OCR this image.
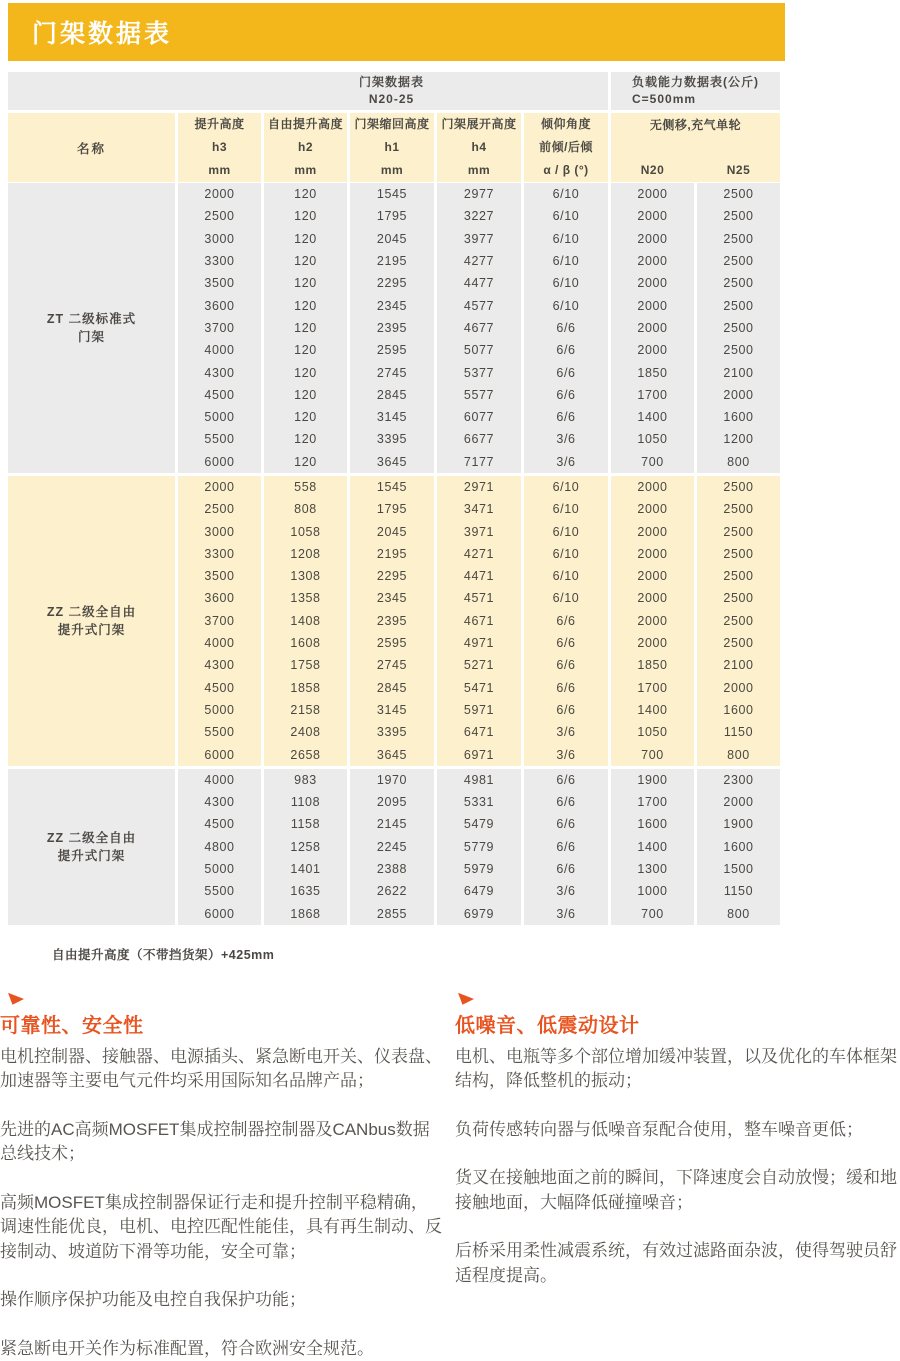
门架数据表
门架数据表
N20-25
负载能力数据表(公斤)
C=500mm
名称
提升高度
h3
mm
自由提升高度
h2
mm
门架缩回高度
h1
mm
门架展开高度
h4
mm
倾仰角度
前倾/后倾
α / β (°)
无侧移,充气单轮
N20	N25
ZT 二级标准式
门架
2000
2500
3000
3300
3500
3600
3700
4000
4300
4500
5000
5500
6000
120
120
120
120
120
120
120
120
120
120
120
120
120
1545
1795
2045
2195
2295
2345
2395
2595
2745
2845
3145
3395
3645
2977
3227
3977
4277
4477
4577
4677
5077
5377
5577
6077
6677
7177
6/10
6/10
6/10
6/10
6/10
6/10
6/6
6/6
6/6
6/6
6/6
3/6
3/6
2000
2000
2000
2000
2000
2000
2000
2000
1850
1700
1400
1050
700
2500
2500
2500
2500
2500
2500
2500
2500
2100
2000
1600
1200
800
ZZ 二级全自由
提升式门架
2000
2500
3000
3300
3500
3600
3700
4000
4300
4500
5000
5500
6000
558
808
1058
1208
1308
1358
1408
1608
1758
1858
2158
2408
2658
1545
1795
2045
2195
2295
2345
2395
2595
2745
2845
3145
3395
3645
2971
3471
3971
4271
4471
4571
4671
4971
5271
5471
5971
6471
6971
6/10
6/10
6/10
6/10
6/10
6/10
6/6
6/6
6/6
6/6
6/6
3/6
3/6
2000
2000
2000
2000
2000
2000
2000
2000
1850
1700
1400
1050
700
2500
2500
2500
2500
2500
2500
2500
2500
2100
2000
1600
1150
800
ZZ 二级全自由
提升式门架
4000
4300
4500
4800
5000
5500
6000
983
1108
1158
1258
1401
1635
1868
1970
2095
2145
2245
2388
2622
2855
4981
5331
5479
5779
5979
6479
6979
6/6
6/6
6/6
6/6
6/6
3/6
3/6
1900
1700
1600
1400
1300
1000
700
2300
2000
1900
1600
1500
1150
800
自由提升高度（不带挡货架）+425mm
可靠性、安全性

电机控制器、接触器、电源插头、紧急断电开关、仪表盘、加速器等主要电气元件均采用国际知名品牌产品；

先进的AC高频MOSFET集成控制器控制器及CANbus数据总线技术；

高频MOSFET集成控制器保证行走和提升控制平稳精确，调速性能优良，电机、电控匹配性能佳，具有再生制动、反接制动、坡道防下滑等功能，安全可靠；

操作顺序保护功能及电控自我保护功能；

紧急断电开关作为标准配置，符合欧洲安全规范。

低噪音、低震动设计

电机、电瓶等多个部位增加缓冲装置，以及优化的车体框架结构，降低整机的振动；

负荷传感转向器与低噪音泵配合使用，整车噪音更低；

货叉在接触地面之前的瞬间，下降速度会自动放慢；缓和地接触地面，大幅降低碰撞噪音；

后桥采用柔性减震系统，有效过滤路面杂波，使得驾驶员舒适程度提高。
